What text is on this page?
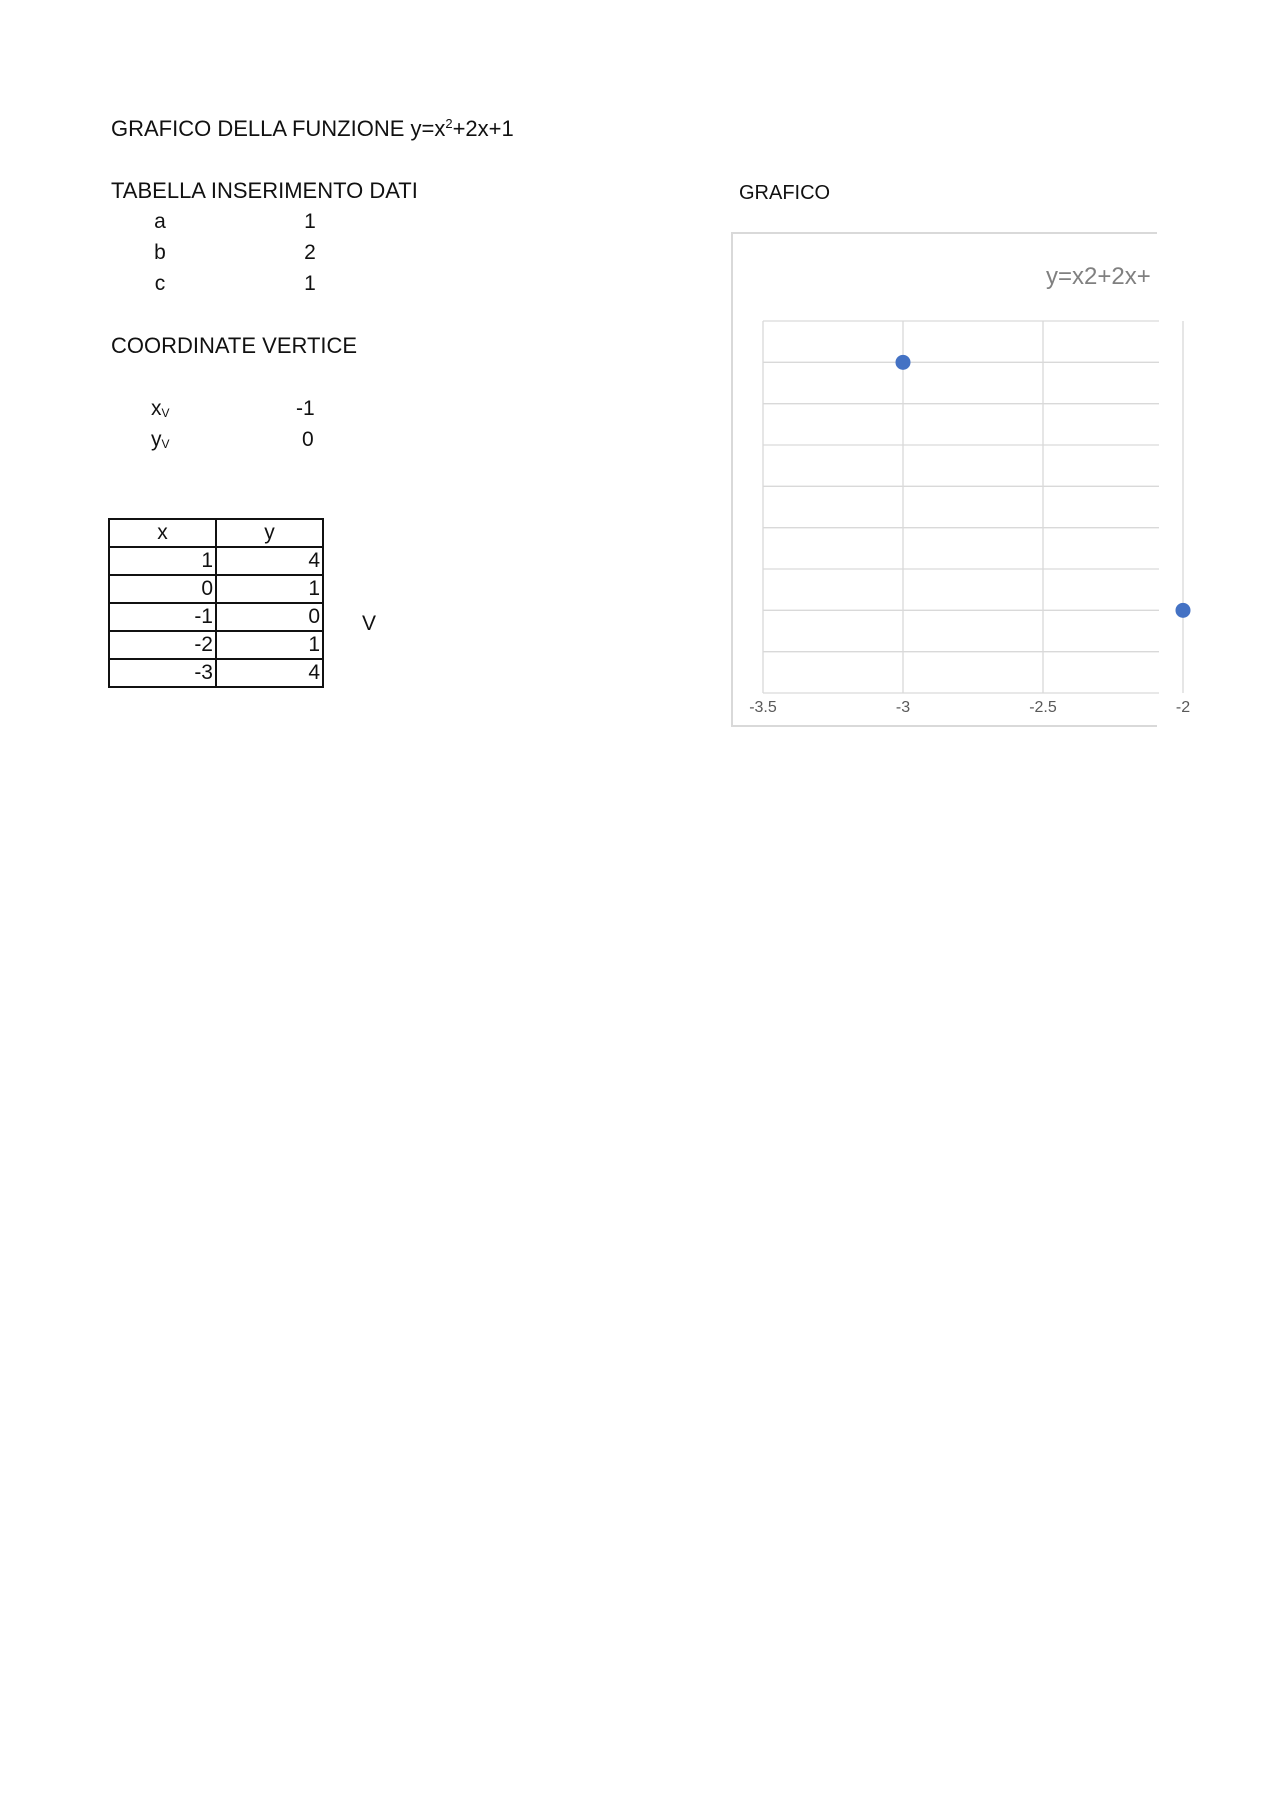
GRAFICO DELLA FUNZIONE $y=x^2+2x+1$
TABELLA INSERIMENTO DATI
a	1
b	2
c	1
COORDINATE VERTICE
$x_V$	-1
$y_V$	0
x	y
1	4
0	1
-1	0
-2	1
-3	4
V
GRAFICO
y=x2+2x+
-3.5	-3	-2.5	-2
